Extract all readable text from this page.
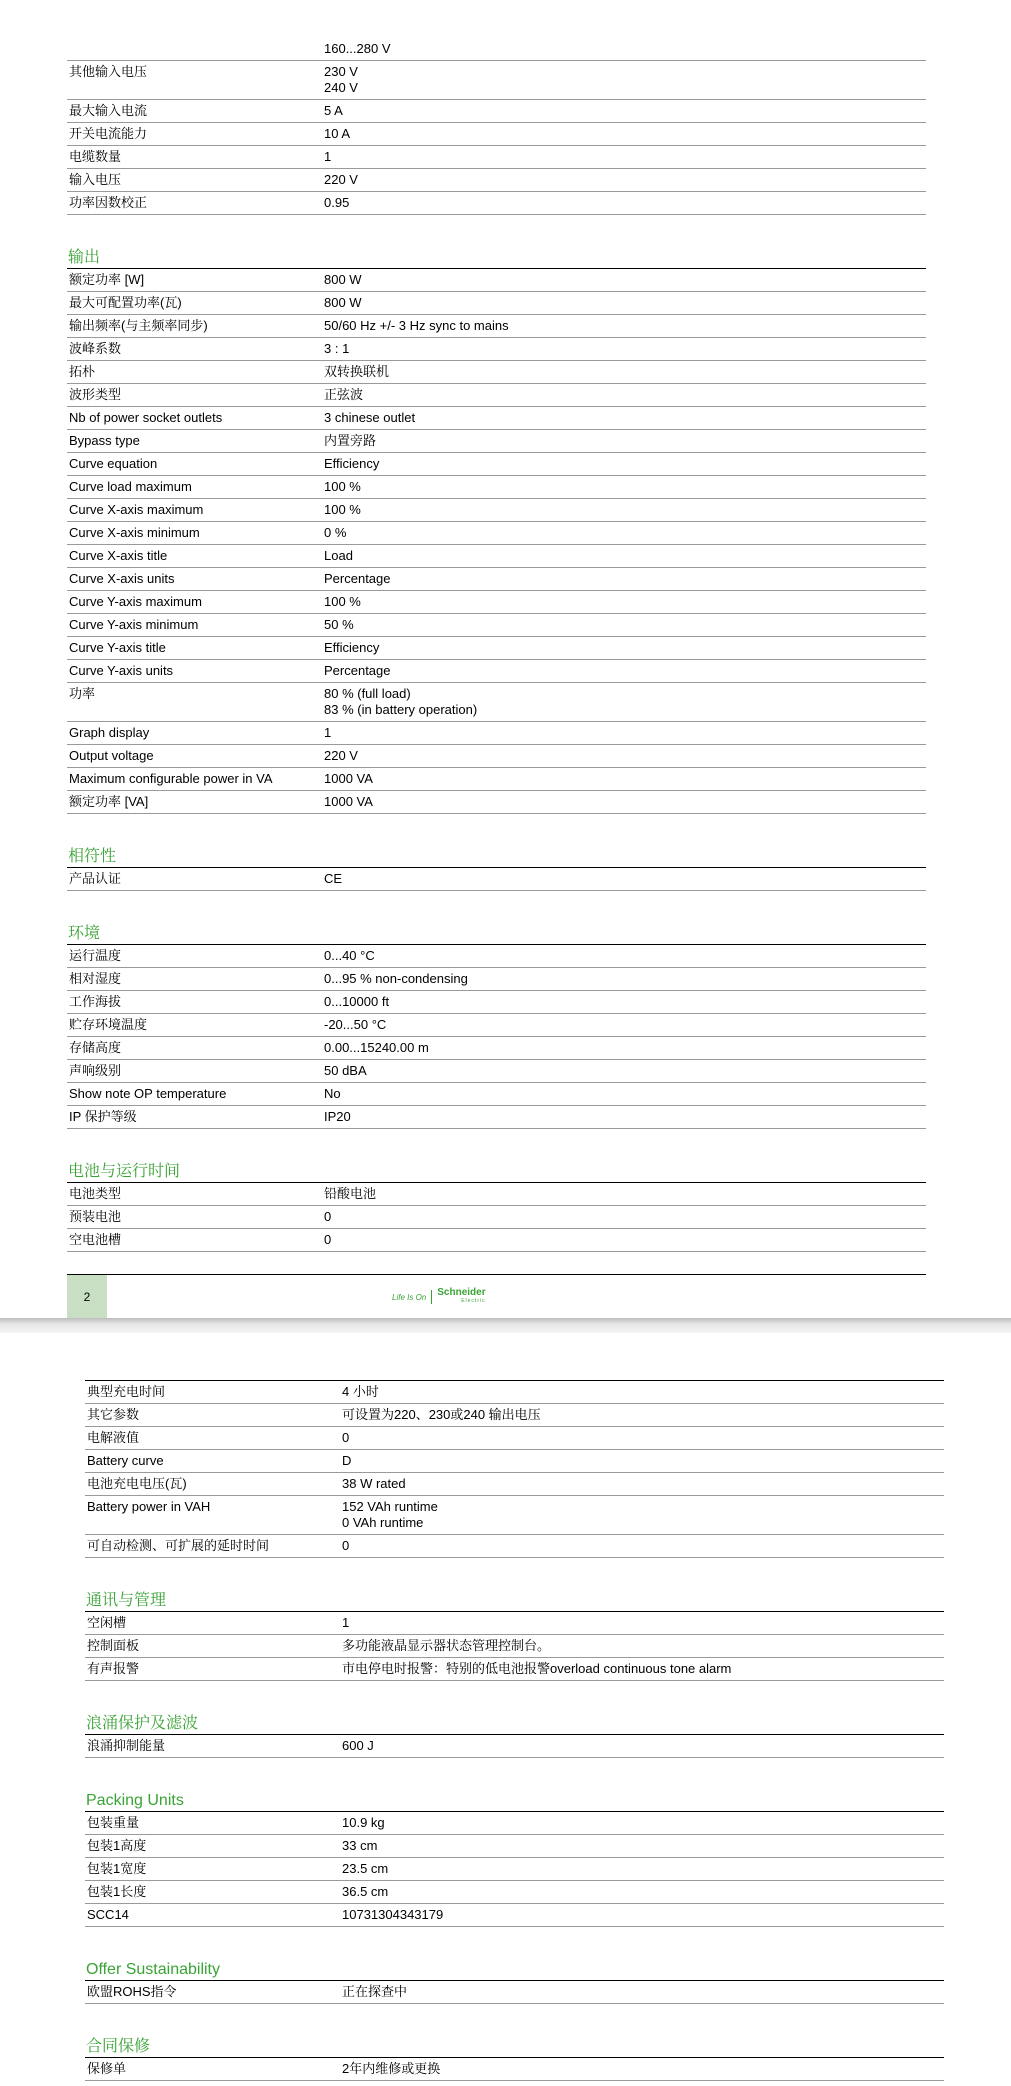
160...280 V
其他输入电压	230 V
240 V
最大输入电流	5 A
开关电流能力	10 A
电缆数量	1
输入电压	220 V
功率因数校正	0.95
输出
额定功率 [W]	800 W
最大可配置功率(瓦)	800 W
输出频率(与主频率同步)	50/60 Hz +/- 3 Hz sync to mains
波峰系数	3 : 1
拓朴	双转换联机
波形类型	正弦波
Nb of power socket outlets	3 chinese outlet
Bypass type	内置旁路
Curve equation	Efficiency
Curve load maximum	100 %
Curve X-axis maximum	100 %
Curve X-axis minimum	0 %
Curve X-axis title	Load
Curve X-axis units	Percentage
Curve Y-axis maximum	100 %
Curve Y-axis minimum	50 %
Curve Y-axis title	Efficiency
Curve Y-axis units	Percentage
功率	80 % (full load)
83 % (in battery operation)
Graph display	1
Output voltage	220 V
Maximum configurable power in VA	1000 VA
额定功率 [VA]	1000 VA
相符性
产品认证	CE
环境
运行温度	0...40 °C
相对湿度	0...95 % non-condensing
工作海拔	0...10000 ft
贮存环境温度	-20...50 °C
存储高度	0.00...15240.00 m
声响级别	50 dBA
Show note OP temperature	No
IP 保护等级	IP20
电池与运行时间
电池类型	铅酸电池
预装电池	0
空电池槽	0
2	Life Is On Schneider
Electric
典型充电时间	4 小时
其它参数	可设置为220、230或240 输出电压
电解液值	0
Battery curve	D
电池充电电压(瓦)	38 W rated
Battery power in VAH	152 VAh runtime
0 VAh runtime
可自动检测、可扩展的延时时间	0
通讯与管理
空闲槽	1
控制面板	多功能液晶显示器状态管理控制台。
有声报警	市电停电时报警：特别的低电池报警overload continuous tone alarm
浪涌保护及滤波
浪涌抑制能量	600 J
Packing Units
包装重量	10.9 kg
包装1高度	33 cm
包装1宽度	23.5 cm
包装1长度	36.5 cm
SCC14	10731304343179
Offer Sustainability
欧盟ROHS指令	正在探查中
合同保修
保修单	2年内维修或更换
